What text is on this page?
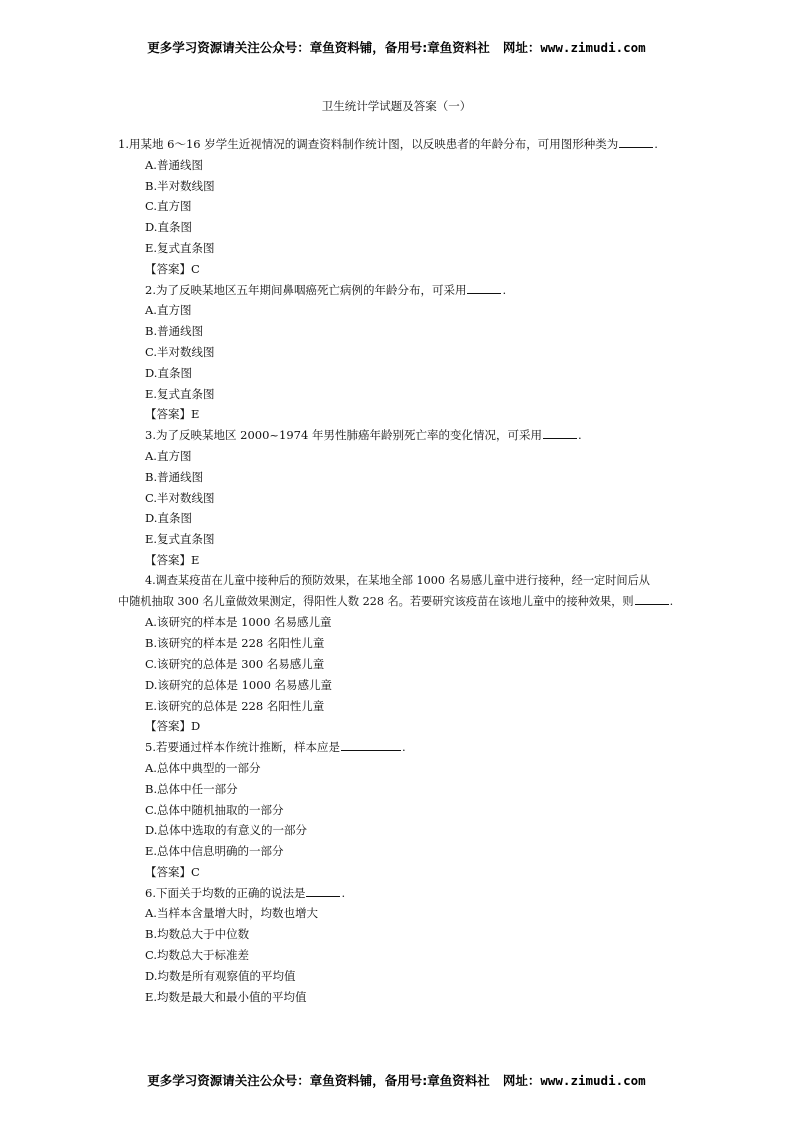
更多学习资源请关注公众号：章鱼资料铺，备用号:章鱼资料社   网址：www.zimudi.com
卫生统计学试题及答案（一）

1.用某地 6～16 岁学生近视情况的调查资料制作统计图，以反映患者的年龄分布，可用图形种类为	.

A.普通线图

B.半对数线图

C.直方图

D.直条图

E.复式直条图

【答案】C

2.为了反映某地区五年期间鼻咽癌死亡病例的年龄分布，可采用	.

A.直方图

B.普通线图

C.半对数线图

D.直条图

E.复式直条图

【答案】E

3.为了反映某地区 2000~1974 年男性肺癌年龄别死亡率的变化情况，可采用	.

A.直方图

B.普通线图

C.半对数线图

D.直条图

E.复式直条图

【答案】E

4.调查某疫苗在儿童中接种后的预防效果，在某地全部 1000 名易感儿童中进行接种，经一定时间后从

中随机抽取 300 名儿童做效果测定，得阳性人数 228 名。若要研究该疫苗在该地儿童中的接种效果，则	.

A.该研究的样本是 1000 名易感儿童

B.该研究的样本是 228 名阳性儿童

C.该研究的总体是 300 名易感儿童

D.该研究的总体是 1000 名易感儿童

E.该研究的总体是 228 名阳性儿童

【答案】D

5.若要通过样本作统计推断，样本应是	.

A.总体中典型的一部分

B.总体中任一部分

C.总体中随机抽取的一部分

D.总体中选取的有意义的一部分

E.总体中信息明确的一部分

【答案】C

6.下面关于均数的正确的说法是	.

A.当样本含量增大时，均数也增大

B.均数总大于中位数

C.均数总大于标准差

D.均数是所有观察值的平均值

E.均数是最大和最小值的平均值

更多学习资源请关注公众号：章鱼资料铺，备用号:章鱼资料社   网址：www.zimudi.com
